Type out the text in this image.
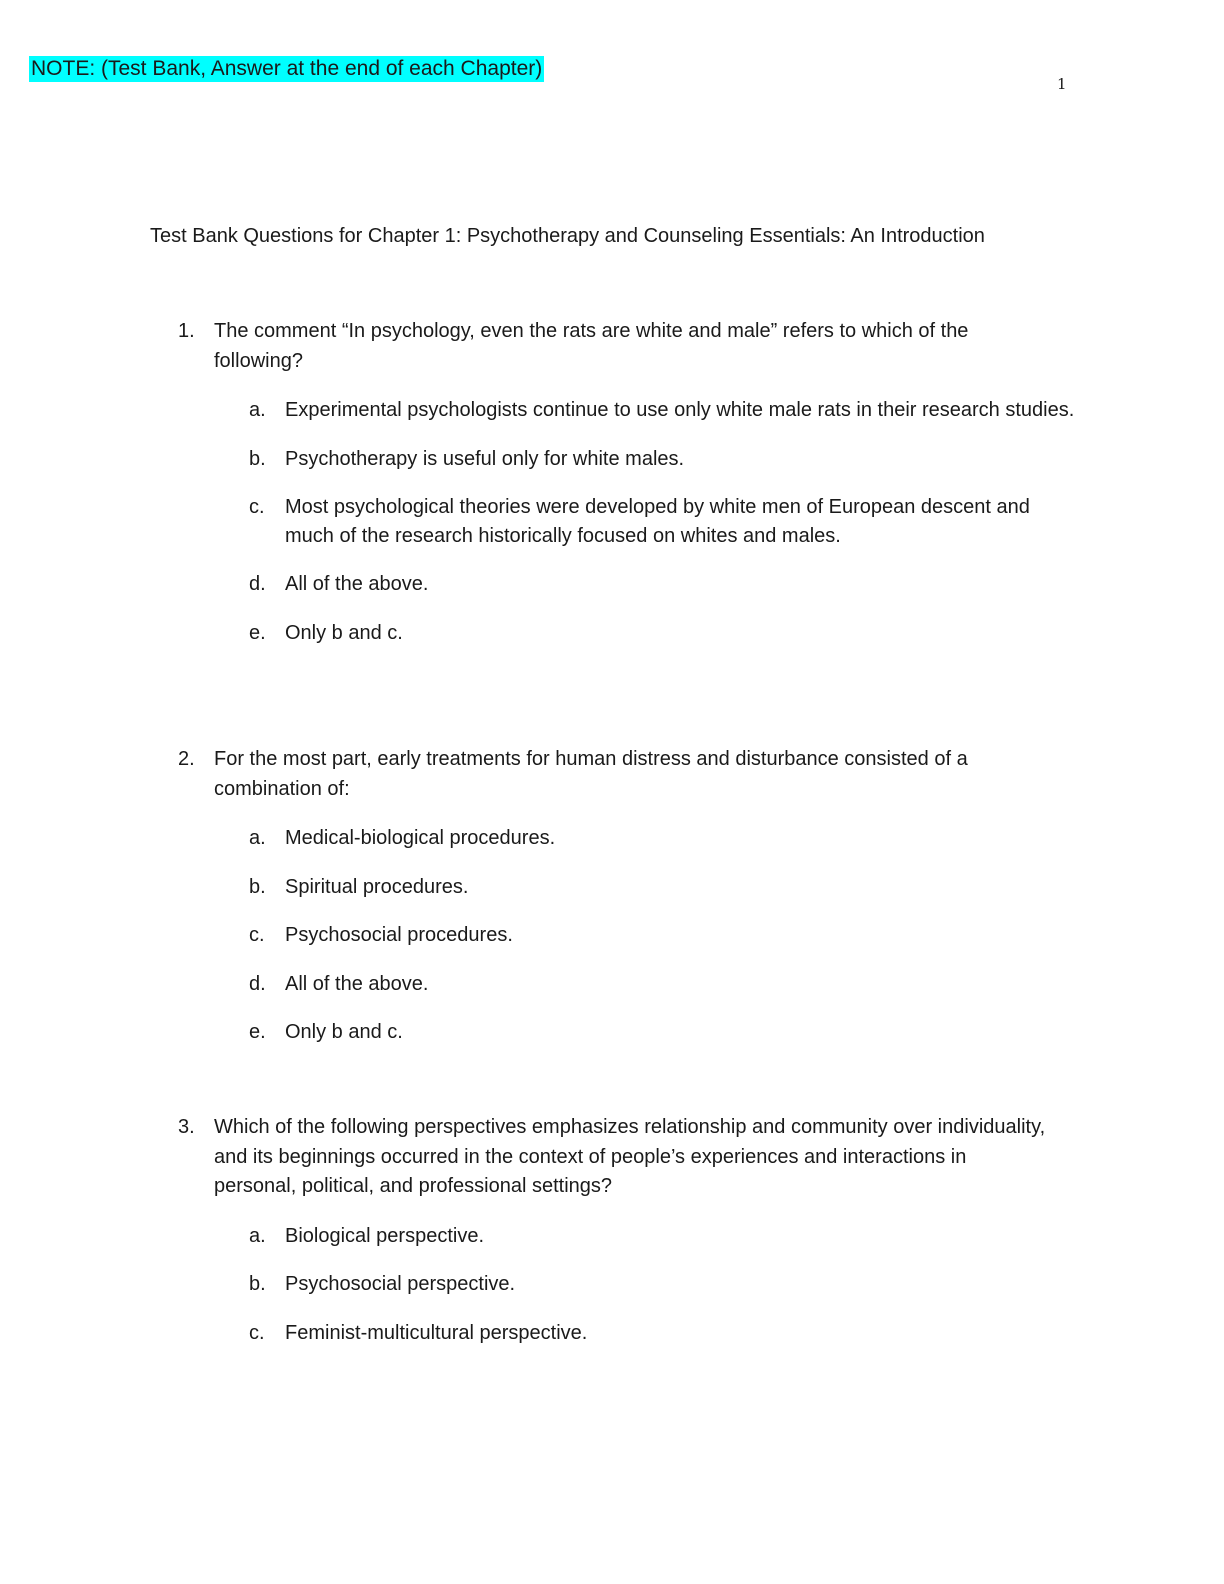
NOTE: (Test Bank, Answer at the end of each Chapter)
1
Test Bank Questions for Chapter 1: Psychotherapy and Counseling Essentials: An Introduction
1. The comment “In psychology, even the rats are white and male” refers to which of the following?
a. Experimental psychologists continue to use only white male rats in their research studies.
b. Psychotherapy is useful only for white males.
c. Most psychological theories were developed by white men of European descent and much of the research historically focused on whites and males.
d. All of the above.
e. Only b and c.
2. For the most part, early treatments for human distress and disturbance consisted of a combination of:
a. Medical-biological procedures.
b. Spiritual procedures.
c. Psychosocial procedures.
d. All of the above.
e. Only b and c.
3. Which of the following perspectives emphasizes relationship and community over individuality, and its beginnings occurred in the context of people’s experiences and interactions in personal, political, and professional settings?
a. Biological perspective.
b. Psychosocial perspective.
c. Feminist-multicultural perspective.
